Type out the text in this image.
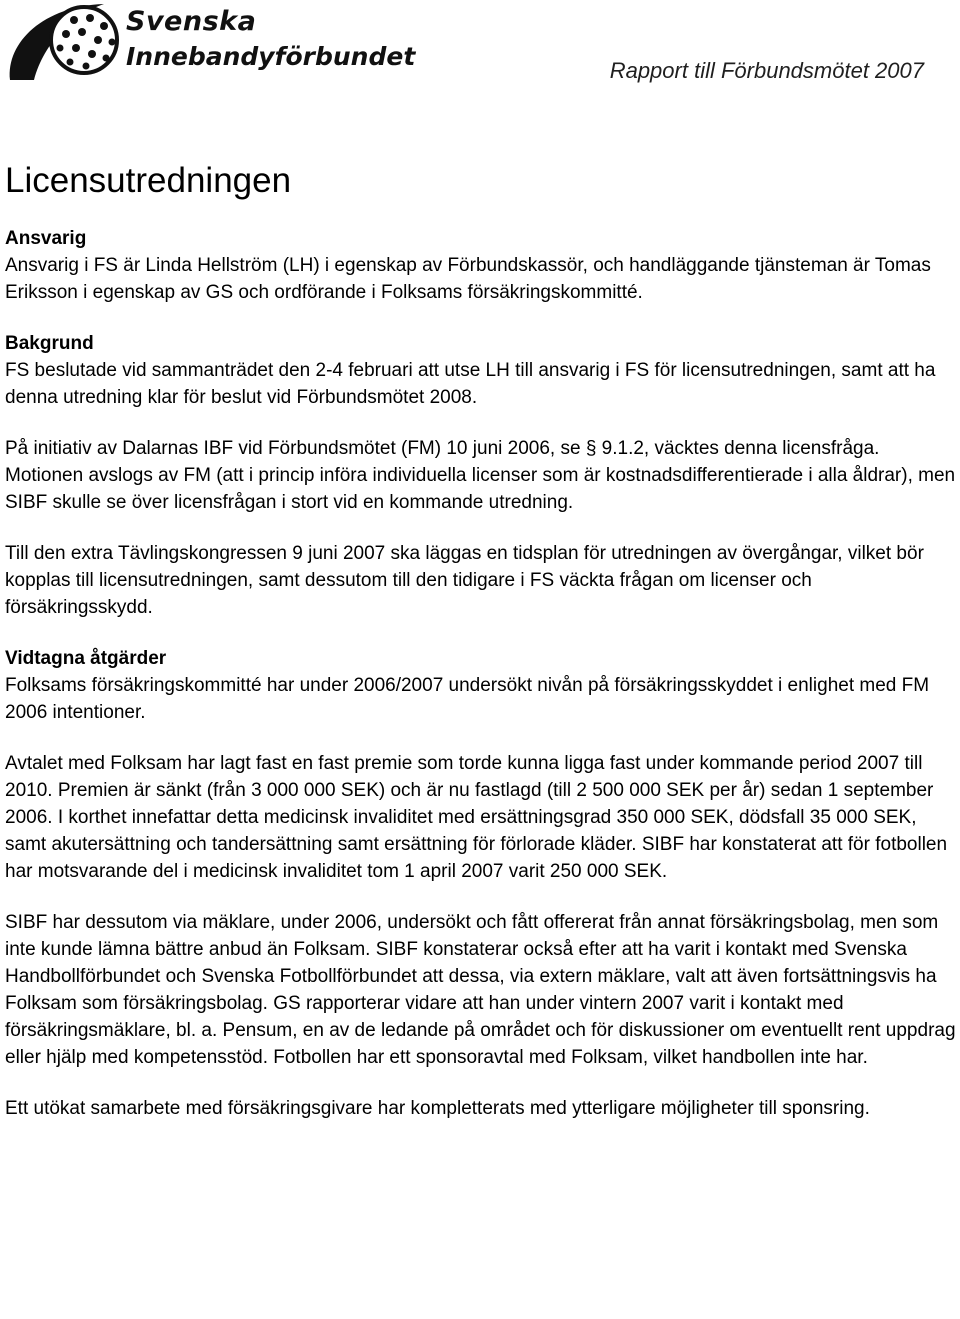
Svenska
Innebandyförbundet	Rapport till Förbundsmötet 2007
Licensutredningen
Ansvarig

Ansvarig i FS är Linda Hellström (LH) i egenskap av Förbundskassör, och handläggande tjänsteman är Tomas Eriksson i egenskap av GS och ordförande i Folksams försäkringskommitté.

Bakgrund

FS beslutade vid sammanträdet den 2-4 februari att utse LH till ansvarig i FS för licensutredningen, samt att ha denna utredning klar för beslut vid Förbundsmötet 2008.

På initiativ av Dalarnas IBF vid Förbundsmötet (FM) 10 juni 2006, se § 9.1.2, väcktes denna licensfråga. Motionen avslogs av FM (att i princip införa individuella licenser som är kostnadsdifferentierade i alla åldrar), men SIBF skulle se över licensfrågan i stort vid en kommande utredning.

Till den extra Tävlingskongressen 9 juni 2007 ska läggas en tidsplan för utredningen av övergångar, vilket bör kopplas till licensutredningen, samt dessutom till den tidigare i FS väckta frågan om licenser och försäkringsskydd.

Vidtagna åtgärder

Folksams försäkringskommitté har under 2006/2007 undersökt nivån på försäkringsskyddet i enlighet med FM 2006 intentioner.

Avtalet med Folksam har lagt fast en fast premie som torde kunna ligga fast under kommande period 2007 till 2010. Premien är sänkt (från 3 000 000 SEK) och är nu fastlagd (till 2 500 000 SEK per år) sedan 1 september 2006. I korthet innefattar detta medicinsk invaliditet med ersättningsgrad 350 000 SEK, dödsfall 35 000 SEK, samt akutersättning och tandersättning samt ersättning för förlorade kläder. SIBF har konstaterat att för fotbollen har motsvarande del i medicinsk invaliditet tom 1 april 2007 varit 250 000 SEK.

SIBF har dessutom via mäklare, under 2006, undersökt och fått offererat från annat försäkringsbolag, men som inte kunde lämna bättre anbud än Folksam. SIBF konstaterar också efter att ha varit i kontakt med Svenska Handbollförbundet och Svenska Fotbollförbundet att dessa, via extern mäklare, valt att även fortsättningsvis ha Folksam som försäkringsbolag. GS rapporterar vidare att han under vintern 2007 varit i kontakt med försäkringsmäklare, bl. a. Pensum, en av de ledande på området och för diskussioner om eventuellt rent uppdrag eller hjälp med kompetensstöd. Fotbollen har ett sponsoravtal med Folksam, vilket handbollen inte har.

Ett utökat samarbete med försäkringsgivare har kompletterats med ytterligare möjligheter till sponsring.
